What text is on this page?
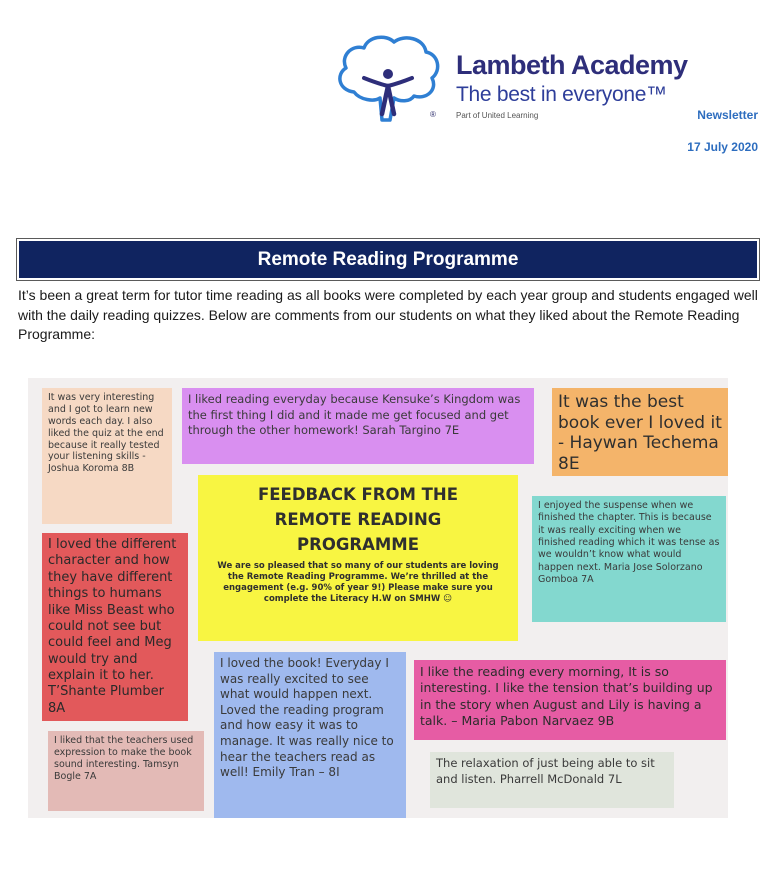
®
Lambeth Academy
The best in everyone™
Part of United Learning	Newsletter
17 July 2020
Remote Reading Programme

It’s been a great term for tutor time reading as all books were completed by each year group and students engaged well with the daily reading quizzes. Below are comments from our students on what they liked about the Remote Reading Programme:

It was very interesting and I got to learn new words each day. I also liked the quiz at the end because it really tested your listening skills - Joshua Koroma 8B
I liked reading everyday because Kensuke’s Kingdom was the first thing I did and it made me get focused and get through the other homework! Sarah Targino 7E
It was the best book ever I loved it - Haywan Techema 8E
I loved the different character and how they have different things to humans like Miss Beast who could not see but could feel and Meg would try and explain it to her. T’Shante Plumber 8A
I enjoyed the suspense when we finished the chapter. This is because it was really exciting when we finished reading which it was tense as we wouldn’t know what would happen next. Maria Jose Solorzano Gomboa 7A
I loved the book! Everyday I was really excited to see what would happen next. Loved the reading program and how easy it was to manage. It was really nice to hear the teachers read as well! Emily Tran – 8I
I like the reading every morning, It is so interesting. I like the tension that’s building up in the story when August and Lily is having a talk. – Maria Pabon Narvaez 9B
I liked that the teachers used expression to make the book sound interesting. Tamsyn Bogle 7A
The relaxation of just being able to sit and listen. Pharrell McDonald 7L
FEEDBACK FROM THE REMOTE READING PROGRAMME
We are so pleased that so many of our students are loving the Remote Reading Programme. We’re thrilled at the engagement (e.g. 90% of year 9!) Please make sure you complete the Literacy H.W on SMHW ☺
